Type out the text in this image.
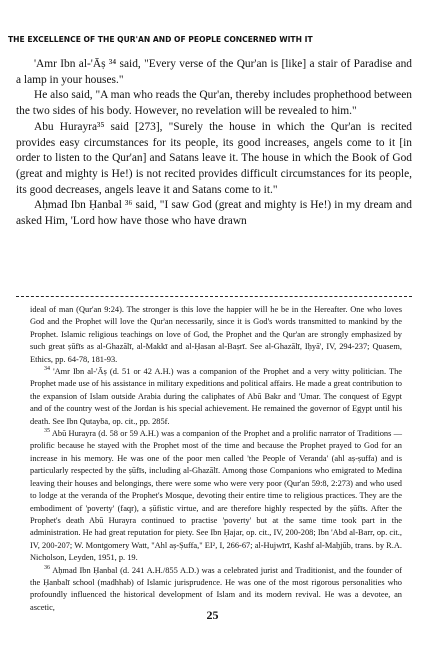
THE EXCELLENCE OF THE QUR'AN AND OF PEOPLE CONCERNED WITH IT

'Amr Ibn al-'Āṣ ³⁴ said, "Every verse of the Qur'an is [like] a stair of Paradise and a lamp in your houses."

He also said, "A man who reads the Qur'an, thereby includes prophethood between the two sides of his body. However, no revelation will be revealed to him."

Abu Hurayra³⁵ said [273], "Surely the house in which the Qur'an is recited provides easy circumstances for its people, its good increases, angels come to it [in order to listen to the Qur'an] and Satans leave it. The house in which the Book of God (great and mighty is He!) is not recited provides difficult circumstances for its people, its good decreases, angels leave it and Satans come to it."

Aḥmad Ibn Ḥanbal ³⁶ said, "I saw God (great and mighty is He!) in my dream and asked Him, 'Lord how have those who have drawn

ideal of man (Qur'an 9:24). The stronger is this love the happier will he be in the Hereafter. One who loves God and the Prophet will love the Qur'an necessarily, since it is God's words transmitted to mankind by the Prophet. Islamic religious teachings on love of God, the Prophet and the Qur'an are strongly emphasized by such great ṣūfīs as al-Ghazālī, al-Makkī and al-Ḥasan al-Baṣrī. See al-Ghazālī, Iḥyā', IV, 294-237; Quasem, Ethics, pp. 64-78, 181-93.

$^{34}$ 'Amr Ibn al-'Āṣ (d. 51 or 42 A.H.) was a companion of the Prophet and a very witty politician. The Prophet made use of his assistance in military expeditions and political affairs. He made a great contribution to the expansion of Islam outside Arabia during the caliphates of Abū Bakr and 'Umar. The conquest of Egypt and of the country west of the Jordan is his special achievement. He remained the governor of Egypt until his death. See Ibn Qutayba, op. cit., pp. 285f.

$^{35}$ Abū Hurayra (d. 58 or 59 A.H.) was a companion of the Prophet and a prolific narrator of Traditions — prolific because he stayed with the Prophet most of the time and because the Prophet prayed to God for an increase in his memory. He was one of the poor men called 'the People of Veranda' (ahl aṣ-ṣuffa) and is particularly respected by the ṣūfīs, including al-Ghazālī. Among those Companions who emigrated to Medina leaving their houses and belongings, there were some who were very poor (Qur'an 59:8, 2:273) and who used to lodge at the veranda of the Prophet's Mosque, devoting their entire time to religious practices. They are the embodiment of 'poverty' (faqr), a ṣūfistic virtue, and are therefore highly respected by the ṣūfīs. After the Prophet's death Abū Hurayra continued to practise 'poverty' but at the same time took part in the administration. He had great reputation for piety. See Ibn Ḥajar, op. cit., IV, 200-208; Ibn 'Abd al-Barr, op. cit., IV, 200-207; W. Montgomery Watt, "Ahl aṣ-Ṣuffa," EI², I, 266-67; al-Hujwīrī, Kashf al-Maḥjūb, trans. by R.A. Nicholson, Leyden, 1951, p. 19.

$^{36}$ Aḥmad Ibn Ḥanbal (d. 241 A.H./855 A.D.) was a celebrated jurist and Traditionist, and the founder of the Ḥanbalī school (madhhab) of Islamic jurisprudence. He was one of the most rigorous personalities who profoundly influenced the historical development of Islam and its modern revival. He was a devotee, an ascetic,

25
